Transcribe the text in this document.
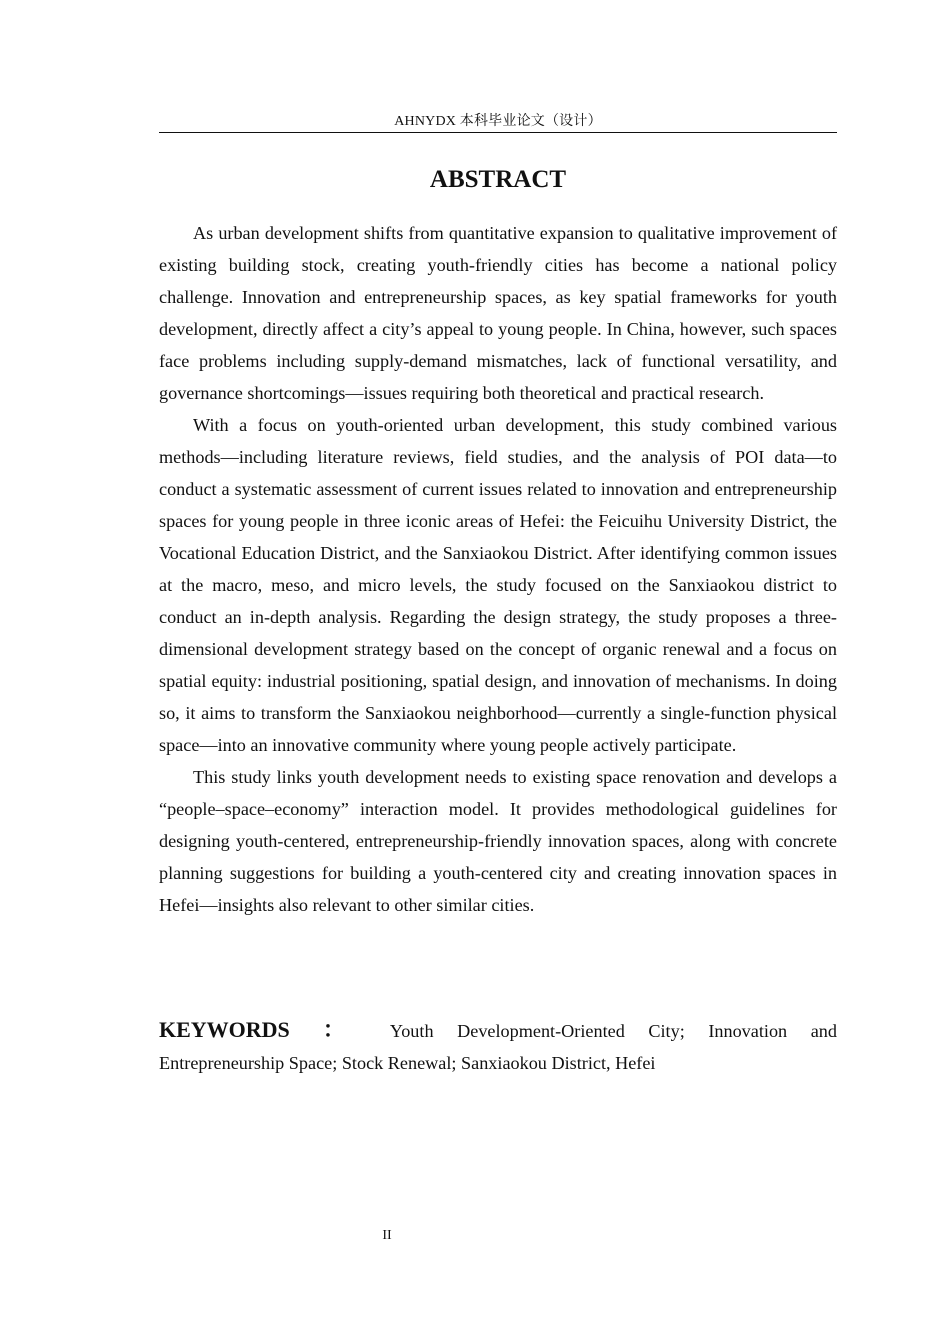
AHNYDX 本科毕业论文（设计）
ABSTRACT

As urban development shifts from quantitative expansion to qualitative improvement of existing building stock, creating youth-friendly cities has become a national policy challenge. Innovation and entrepreneurship spaces, as key spatial frameworks for youth development, directly affect a city’s appeal to young people. In China, however, such spaces face problems including supply-demand mismatches, lack of functional versatility, and governance shortcomings—issues requiring both theoretical and practical research.

With a focus on youth-oriented urban development, this study combined various methods—including literature reviews, field studies, and the analysis of POI data—to conduct a systematic assessment of current issues related to innovation and entrepreneurship spaces for young people in three iconic areas of Hefei: the Feicuihu University District, the Vocational Education District, and the Sanxiaokou District. After identifying common issues at the macro, meso, and micro levels, the study focused on the Sanxiaokou district to conduct an in-depth analysis. Regarding the design strategy, the study proposes a three-dimensional development strategy based on the concept of organic renewal and a focus on spatial equity: industrial positioning, spatial design, and innovation of mechanisms. In doing so, it aims to transform the Sanxiaokou neighborhood—currently a single-function physical space—into an innovative community where young people actively participate.

This study links youth development needs to existing space renovation and develops a “people–space–economy” interaction model. It provides methodological guidelines for designing youth-centered, entrepreneurship-friendly innovation spaces, along with concrete planning suggestions for building a youth-centered city and creating innovation spaces in Hefei—insights also relevant to other similar cities.

KEYWORDS ： Youth Development-Oriented City; Innovation and Entrepreneurship Space; Stock Renewal; Sanxiaokou District, Hefei
II
